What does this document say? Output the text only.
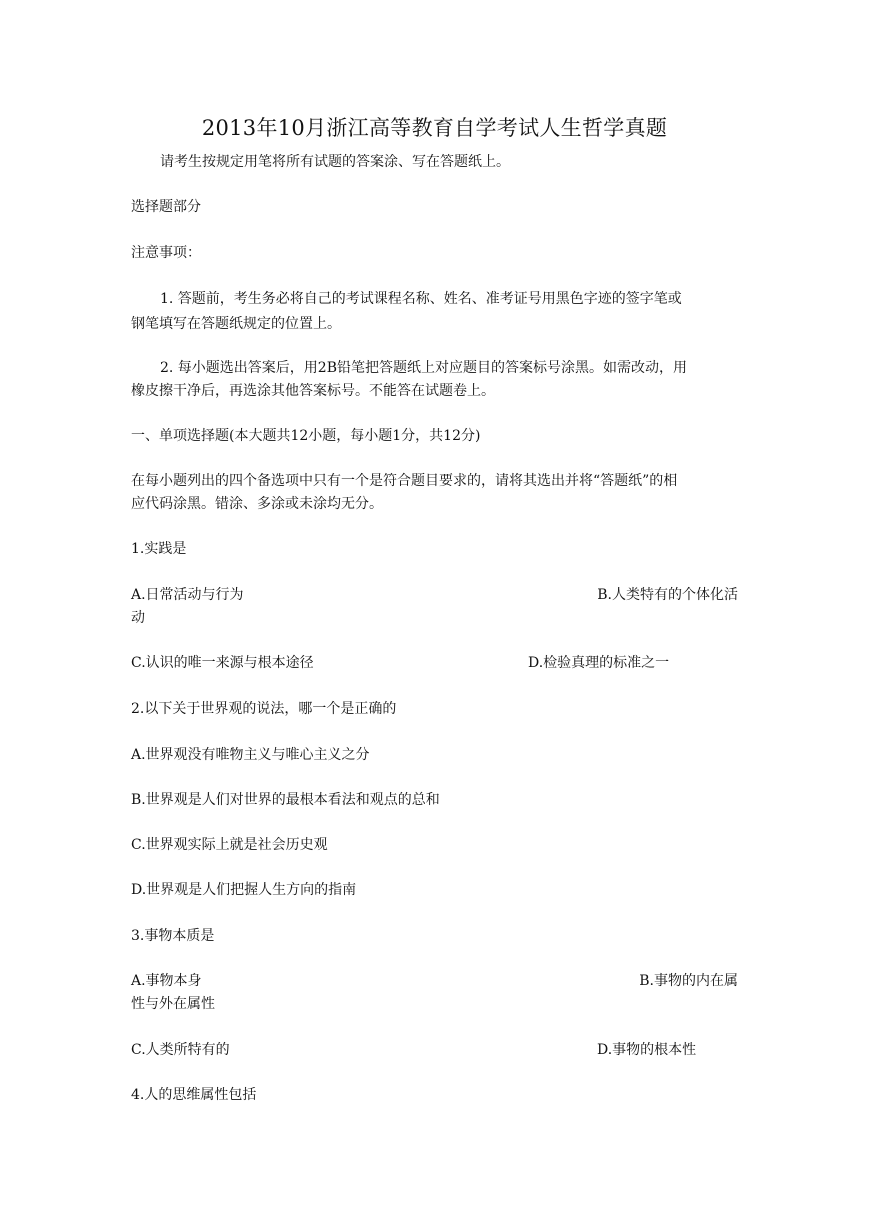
2013年10月浙江高等教育自学考试人生哲学真题
请考生按规定用笔将所有试题的答案涂、写在答题纸上。
选择题部分
注意事项：
1. 答题前，考生务必将自己的考试课程名称、姓名、准考证号用黑色字迹的签字笔或
钢笔填写在答题纸规定的位置上。
2. 每小题选出答案后，用2B铅笔把答题纸上对应题目的答案标号涂黑。如需改动，用
橡皮擦干净后，再选涂其他答案标号。不能答在试题卷上。
一、单项选择题(本大题共12小题，每小题1分，共12分)
在每小题列出的四个备选项中只有一个是符合题目要求的，请将其选出并将“答题纸”的相
应代码涂黑。错涂、多涂或未涂均无分。
1.实践是
A.日常活动与行为	B.人类特有的个体化活
动
C.认识的唯一来源与根本途径	D.检验真理的标准之一
2.以下关于世界观的说法，哪一个是正确的
A.世界观没有唯物主义与唯心主义之分
B.世界观是人们对世界的最根本看法和观点的总和
C.世界观实际上就是社会历史观
D.世界观是人们把握人生方向的指南
3.事物本质是
A.事物本身	B.事物的内在属
性与外在属性
C.人类所特有的	D.事物的根本性
4.人的思维属性包括
